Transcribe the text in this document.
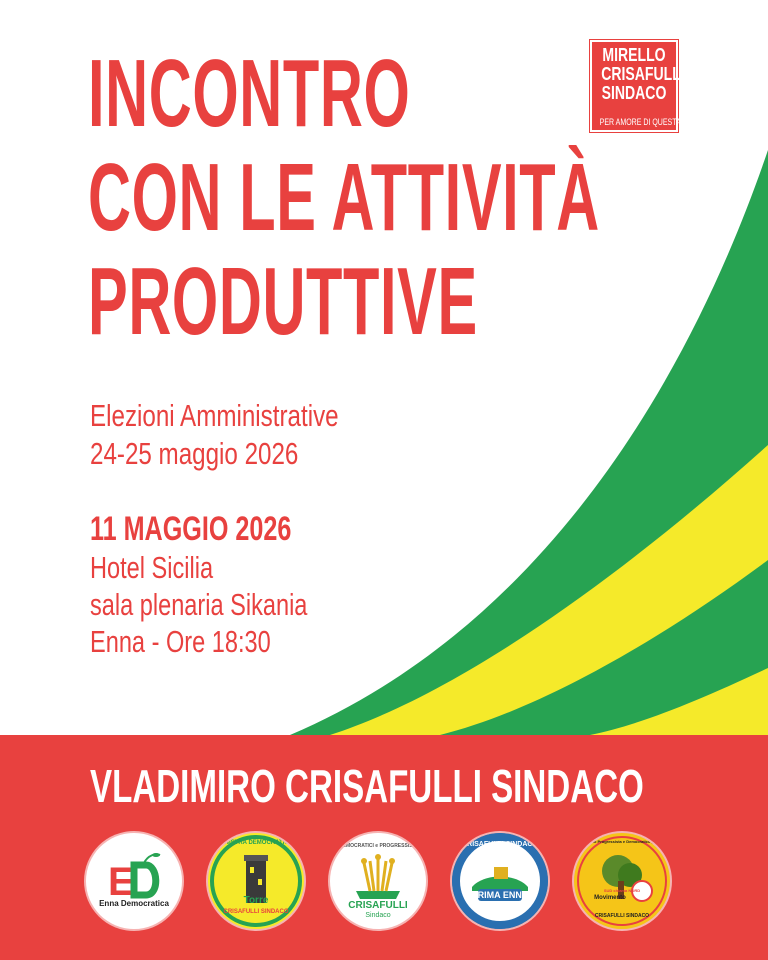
INCONTRO
CON LE ATTIVITÀ
PRODUTTIVE
Elezioni Amministrative
24-25 maggio 2026
11 MAGGIO 2026
Hotel Sicilia
sala plenaria Sikania
Enna - Ore 18:30
MIRELLO
CRISAFULLI
SINDACO
PER AMORE DI QUESTA CITTÀ
VLADIMIRO CRISAFULLI SINDACO
E
Enna Democratica
SINISTRA DEMOCRATICA
Torre
CRISAFULLI SINDACO
DEMOCRATICI e PROGRESSISTI
CRISAFULLI
Sindaco
CRISAFULLI SINDACO
PRIMA ENNA
Movimento Progressista e Democratico per Enna
Movimento
SUD chiama NORD
CRISAFULLI SINDACO
